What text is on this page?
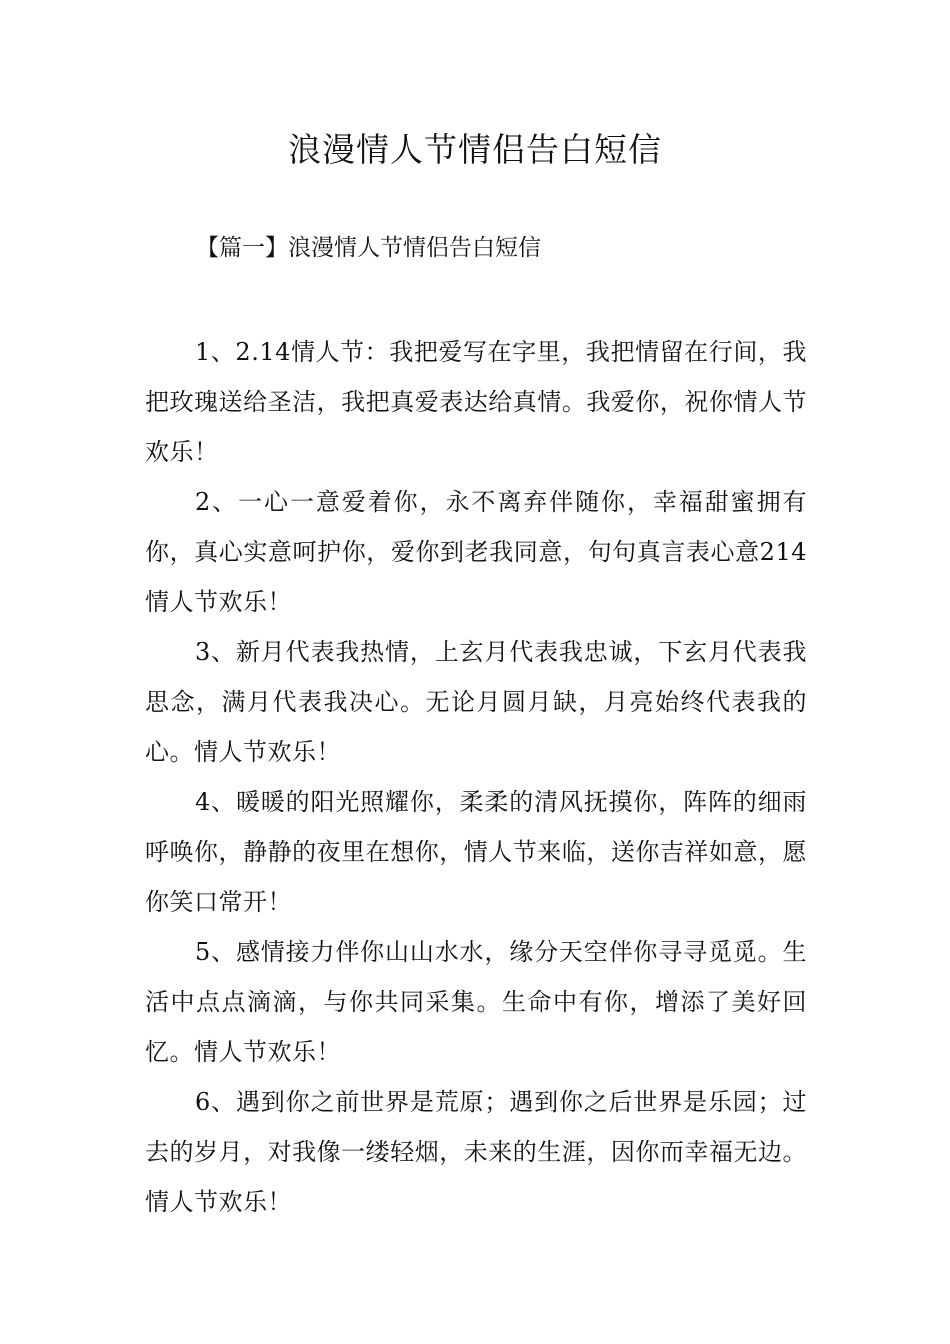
浪漫情人节情侣告白短信
【篇一】浪漫情人节情侣告白短信

1、2.14情人节：我把爱写在字里，我把情留在行间，我把玫瑰送给圣洁，我把真爱表达给真情。我爱你，祝你情人节欢乐！

2、一心一意爱着你，永不离弃伴随你，幸福甜蜜拥有你，真心实意呵护你，爱你到老我同意，句句真言表心意214情人节欢乐！

3、新月代表我热情，上玄月代表我忠诚，下玄月代表我思念，满月代表我决心。无论月圆月缺，月亮始终代表我的心。情人节欢乐！

4、暖暖的阳光照耀你，柔柔的清风抚摸你，阵阵的细雨呼唤你，静静的夜里在想你，情人节来临，送你吉祥如意，愿你笑口常开！

5、感情接力伴你山山水水，缘分天空伴你寻寻觅觅。生活中点点滴滴，与你共同采集。生命中有你，增添了美好回忆。情人节欢乐！

6、遇到你之前世界是荒原；遇到你之后世界是乐园；过去的岁月，对我像一缕轻烟，未来的生涯，因你而幸福无边。情人节欢乐！
